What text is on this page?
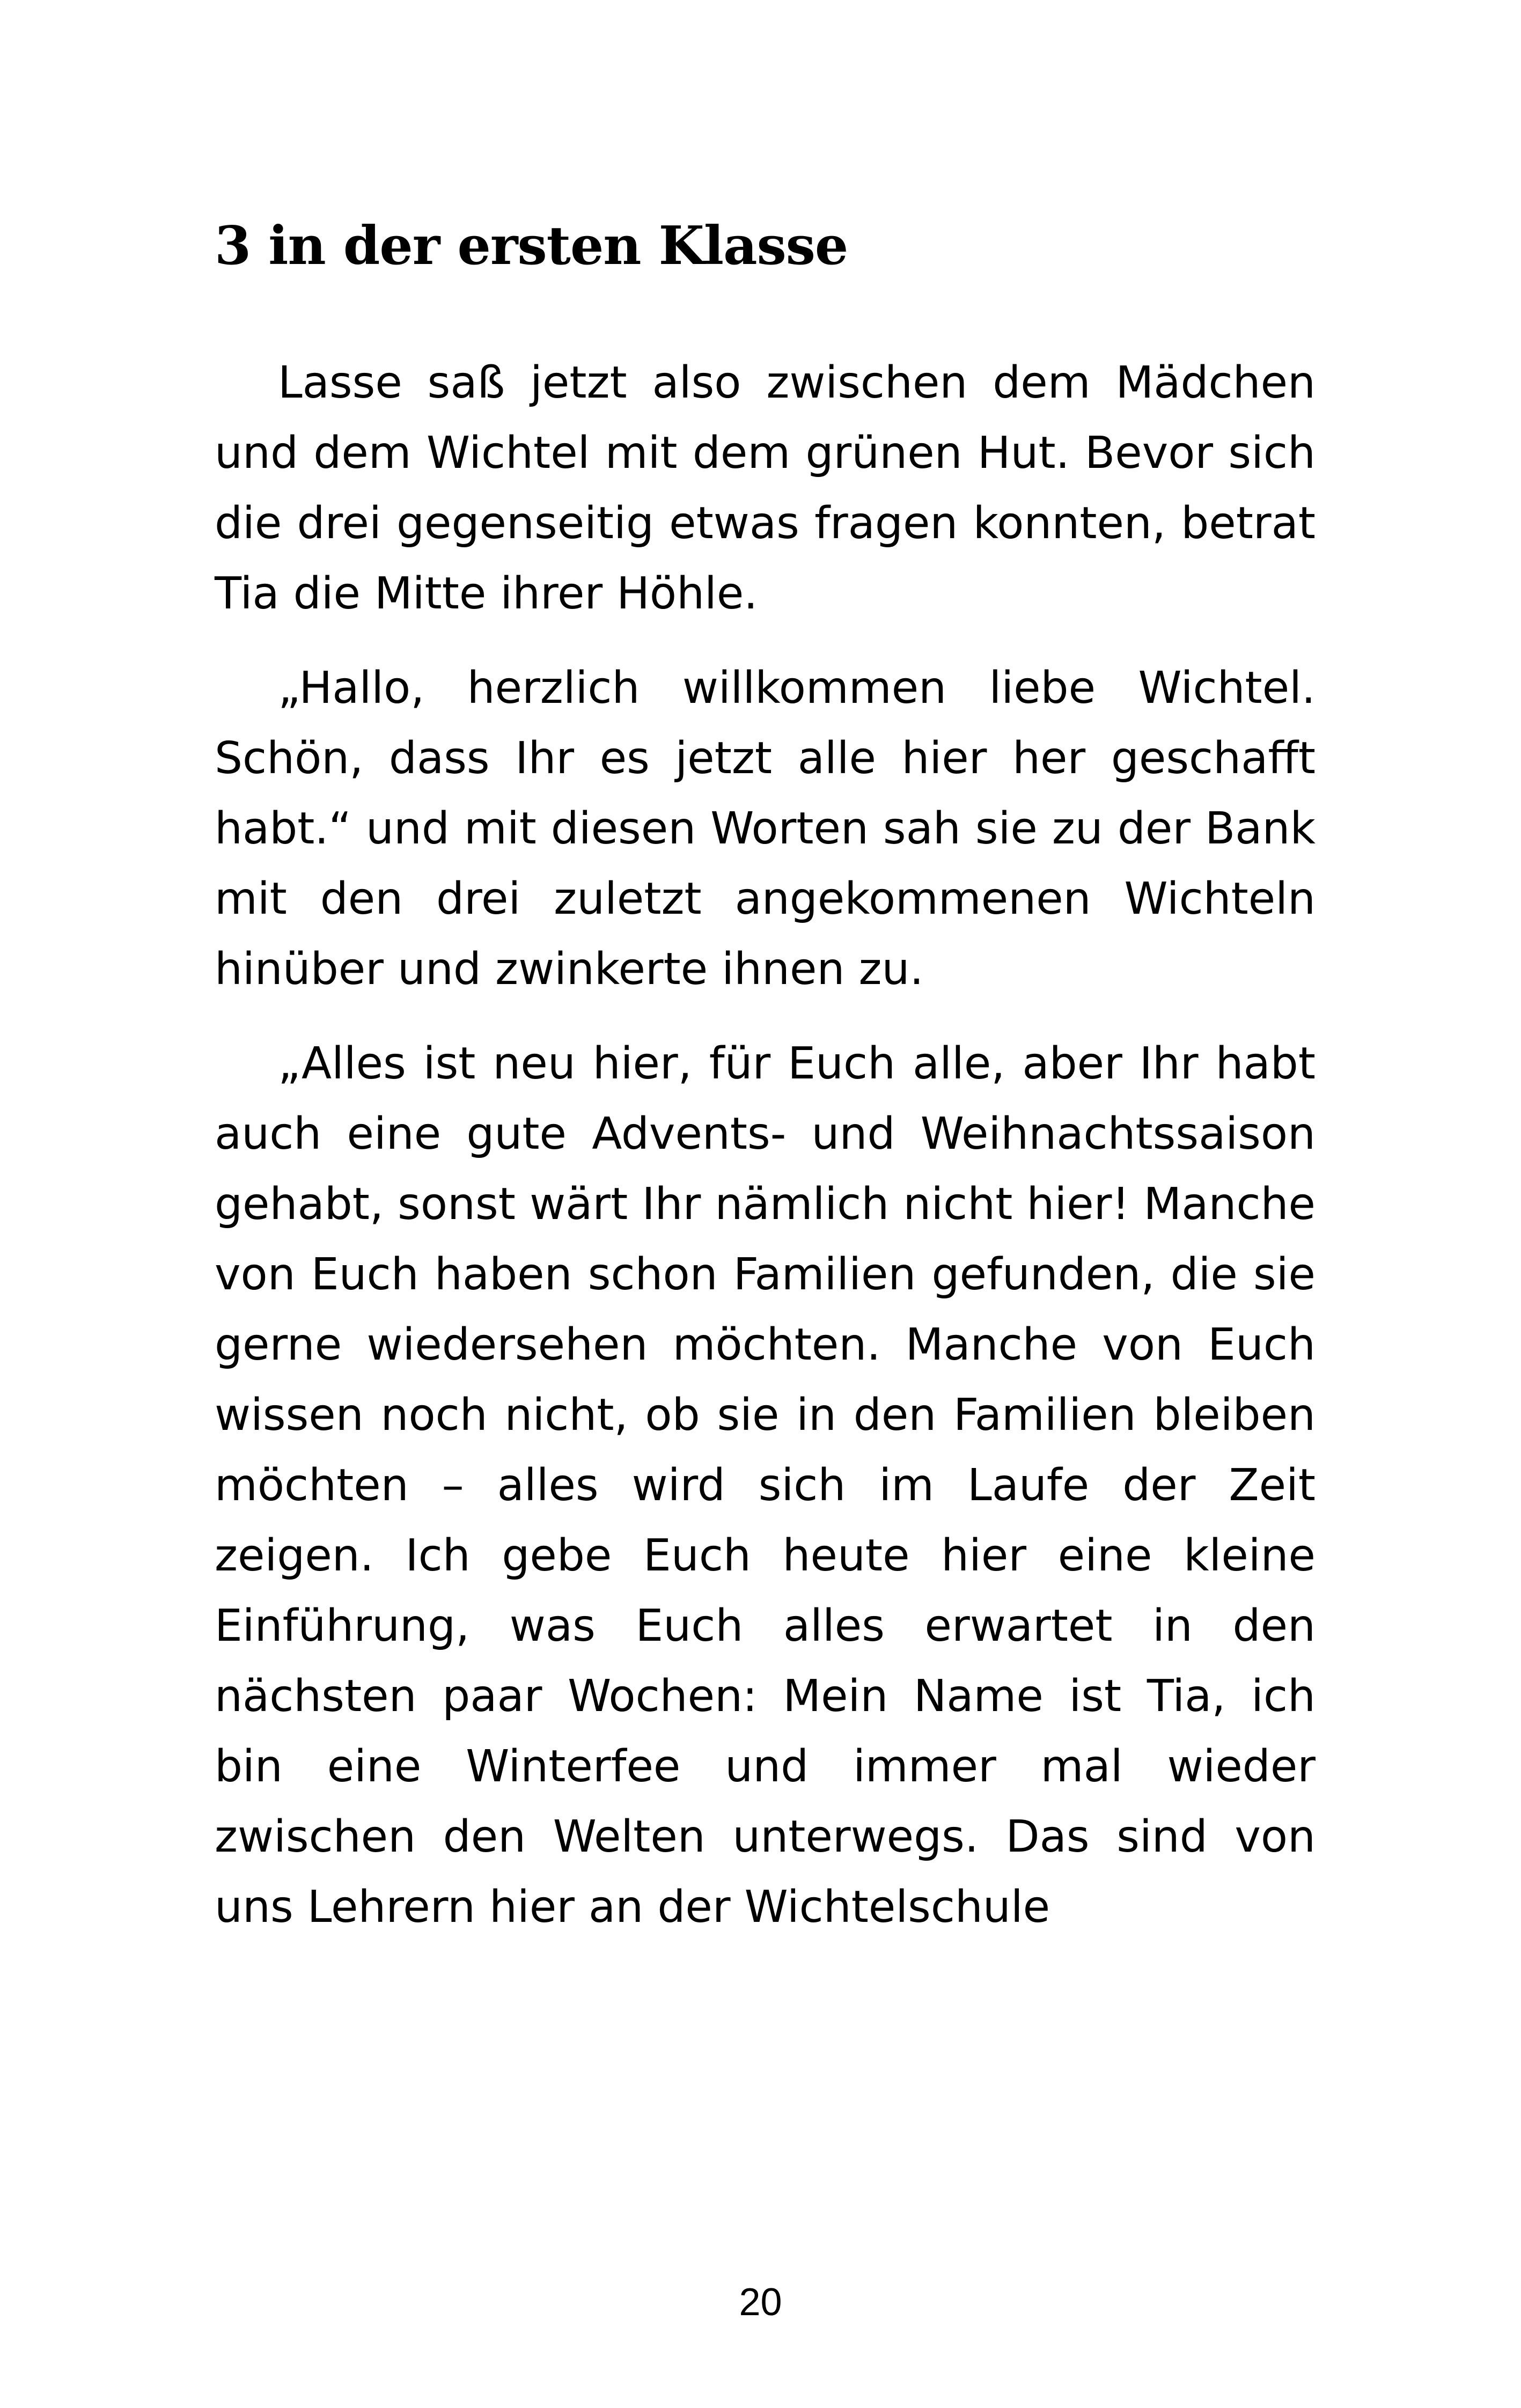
3 in der ersten Klasse

Lasse saß jetzt also zwischen dem Mädchen und dem Wichtel mit dem grünen Hut. Bevor sich die drei gegenseitig etwas fragen konnten, betrat Tia die Mitte ihrer Höhle.

„Hallo, herzlich willkommen liebe Wichtel. Schön, dass Ihr es jetzt alle hier her geschafft habt.“ und mit diesen Worten sah sie zu der Bank mit den drei zuletzt angekommenen Wichteln hinüber und zwinkerte ihnen zu.

„Alles ist neu hier, für Euch alle, aber Ihr habt auch eine gute Advents- und Weihnachtssaison gehabt, sonst wärt Ihr nämlich nicht hier! Manche von Euch haben schon Familien gefunden, die sie gerne wiedersehen möchten. Manche von Euch wissen noch nicht, ob sie in den Familien bleiben möchten – alles wird sich im Laufe der Zeit zeigen. Ich gebe Euch heute hier eine kleine Einführung, was Euch alles erwartet in den nächsten paar Wochen: Mein Name ist Tia, ich bin eine Winterfee und immer mal wieder zwischen den Welten unterwegs. Das sind von uns Lehrern hier an der Wichtelschule

20
